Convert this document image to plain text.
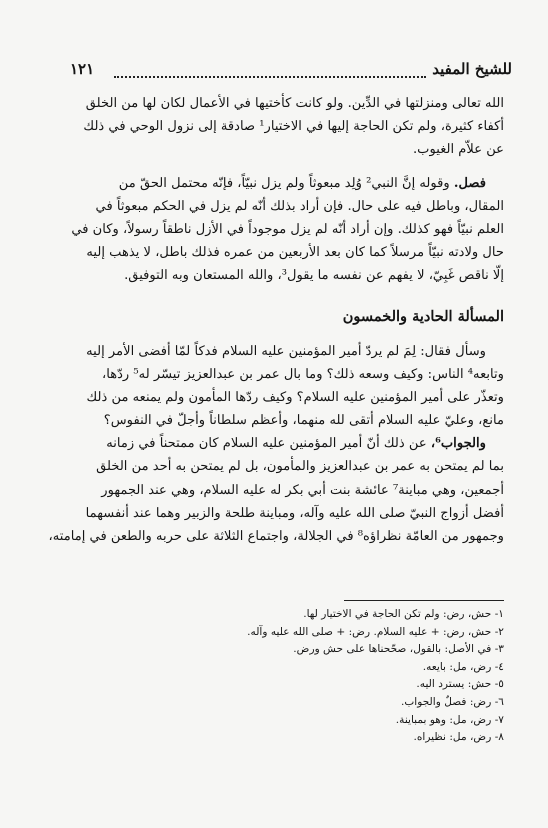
للشيخ المفيد
١٢١
الله تعالى ومنزلتها في الدِّين. ولو كانت كأختيها في الأعمال لكان لها من الخلق
أكفاء كثيرة، ولم تكن الحاجة إليها في الاختيار¹ صادقة إلى نزول الوحي في ذلك
عن علاّم الغيوب.
فصل. وقوله إنَّ النبي² وُلِد مبعوثاً ولم يزل نبيّاً، فإنّه محتمل الحقّ من
المقال، وباطل فيه على حال. فإن أراد بذلك أنّه لم يزل في الحكم مبعوثاً في
العلم نبيّاً فهو كذلك. وإن أراد أنّه لم يزل موجوداً في الأزل ناطقاً رسولاً، وكان في
حال ولادته نبيّاً مرسلاً كما كان بعد الأربعين من عمره فذلك باطل، لا يذهب إليه
إلّا ناقص غَبِيّ، لا يفهم عن نفسه ما يقول³، والله المستعان وبه التوفيق.
المسألة الحادية والخمسون
وسأل فقال: لِمَ لم يردّ أمير المؤمنين عليه السلام فدكاً لمّا أفضى الأمر إليه
وتابعه⁴ الناس: وكيف وسعه ذلك؟ وما بال عمر بن عبدالعزيز تيسّر له⁵ ردّها،
وتعذّر على أمير المؤمنين عليه السلام؟ وكيف ردّها المأمون ولم يمنعه من ذلك
مانع، وعليّ عليه السلام أتقى لله منهما، وأعظم سلطاناً وأجلّ في النفوس؟
والجواب⁶، عن ذلك أنّ أمير المؤمنين عليه السلام كان ممتحناً في زمانه
بما لم يمتحن به عمر بن عبدالعزيز والمأمون، بل لم يمتحن به أحد من الخلق
أجمعين، وهي مباينة⁷ عائشة بنت أبي بكر له عليه السلام، وهي عند الجمهور
أفضل أزواج النبيّ صلى الله عليه وآله، ومباينة طلحة والزبير وهما عند أنفسهما
وجمهور من العامّة نظراؤه⁸ في الجلالة، واجتماع الثلاثة على حربه والطعن في إمامته،
١- حش، رض: ولم تكن الحاجة في الاختيار لها.
٢- حش، رض: + عليه السلام. رض: + صلى الله عليه وآله.
٣- في الأصل: بالقول، صحّحناها على حش ورض.
٤- رض، مل: بايعه.
٥- حش: يسترد اليه.
٦- رض: فصلٌ والجواب.
٧- رض، مل: وهو بمباينة.
٨- رض، مل: نظيراه.
